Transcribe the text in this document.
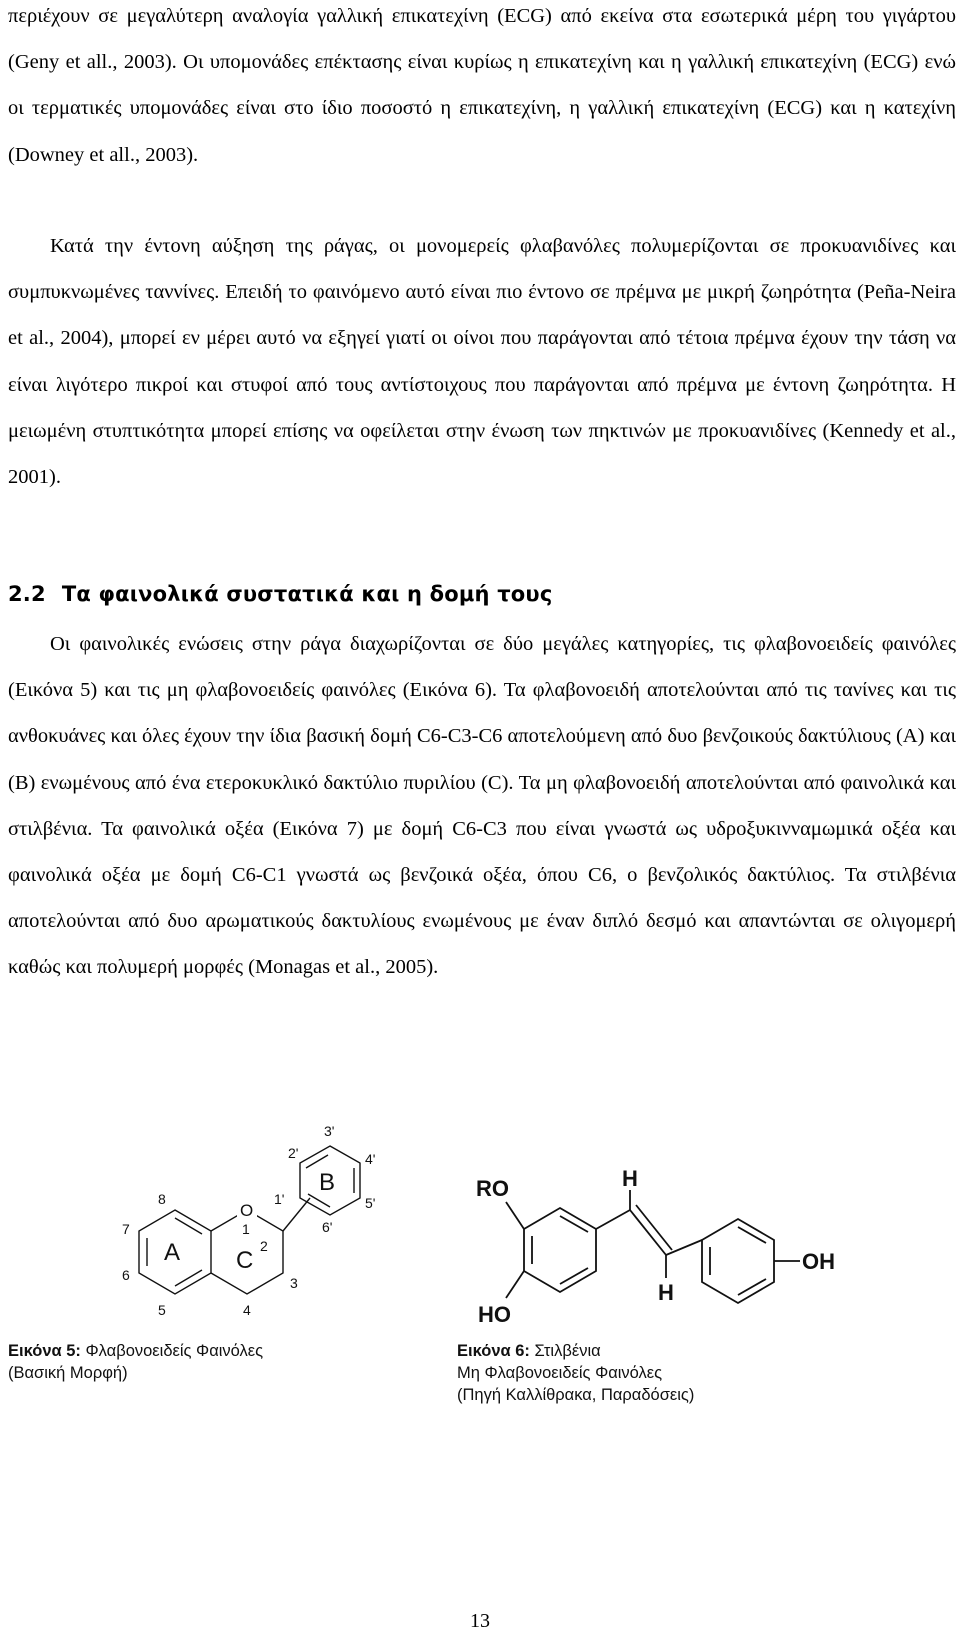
περιέχουν σε μεγαλύτερη αναλογία γαλλική επικατεχίνη (ECG) από εκείνα στα εσωτερικά μέρη του γιγάρτου (Geny et all., 2003). Οι υπομονάδες επέκτασης είναι κυρίως η επικατεχίνη και η γαλλική επικατεχίνη (ECG) ενώ οι τερματικές υπομονάδες είναι στο ίδιο ποσοστό η επικατεχίνη, η γαλλική επικατεχίνη (ECG) και η κατεχίνη (Downey et all., 2003).

Κατά την έντονη αύξηση της ράγας, οι μονομερείς φλαβανόλες πολυμερίζονται σε προκυανιδίνες και συμπυκνωμένες ταννίνες. Επειδή το φαινόμενο αυτό είναι πιο έντονο σε πρέμνα με μικρή ζωηρότητα (Peña-Neira et al., 2004), μπορεί εν μέρει αυτό να εξηγεί γιατί οι οίνοι που παράγονται από τέτοια πρέμνα έχουν την τάση να είναι λιγότερο πικροί και στυφοί από τους αντίστοιχους που παράγονται από πρέμνα με έντονη ζωηρότητα. Η μειωμένη στυπτικότητα μπορεί επίσης να οφείλεται στην ένωση των πηκτινών με προκυανιδίνες (Kennedy et al., 2001).

2.2 Τα φαινολικά συστατικά και η δομή τους

Οι φαινολικές ενώσεις στην ράγα διαχωρίζονται σε δύο μεγάλες κατηγορίες, τις φλαβονοειδείς φαινόλες (Εικόνα 5) και τις μη φλαβονοειδείς φαινόλες (Εικόνα 6). Τα φλαβονοειδή αποτελούνται από τις τανίνες και τις ανθοκυάνες και όλες έχουν την ίδια βασική δομή C6-C3-C6 αποτελούμενη από δυο βενζοικούς δακτύλιους (A) και (B) ενωμένους από ένα ετεροκυκλικό δακτύλιο πυριλίου (C). Τα μη φλαβονοειδή αποτελούνται από φαινολικά και στιλβένια. Τα φαινολικά οξέα (Εικόνα 7) με δομή C6-C3 που είναι γνωστά ως υδροξυκινναμωμικά οξέα και φαινολικά οξέα με δομή C6-C1 γνωστά ως βενζοικά οξέα, όπου C6, ο βενζολικός δακτύλιος. Τα στιλβένια αποτελούνται από δυο αρωματικούς δακτυλίους ενωμένους με έναν διπλό δεσμό και απαντώνται σε ολιγομερή καθώς και πολυμερή μορφές (Monagas et al., 2005).

O
A C
B
1
2
3
4
5
6
7
8	1'
2'
3'
4'
5'
6'
RO
HO
OH
H
H
Εικόνα 5: Φλαβονοειδείς Φαινόλες
(Βασική Μορφή)
Εικόνα 6: Στιλβένια
Μη Φλαβονοειδείς Φαινόλες
(Πηγή Καλλίθρακα, Παραδόσεις)
13
